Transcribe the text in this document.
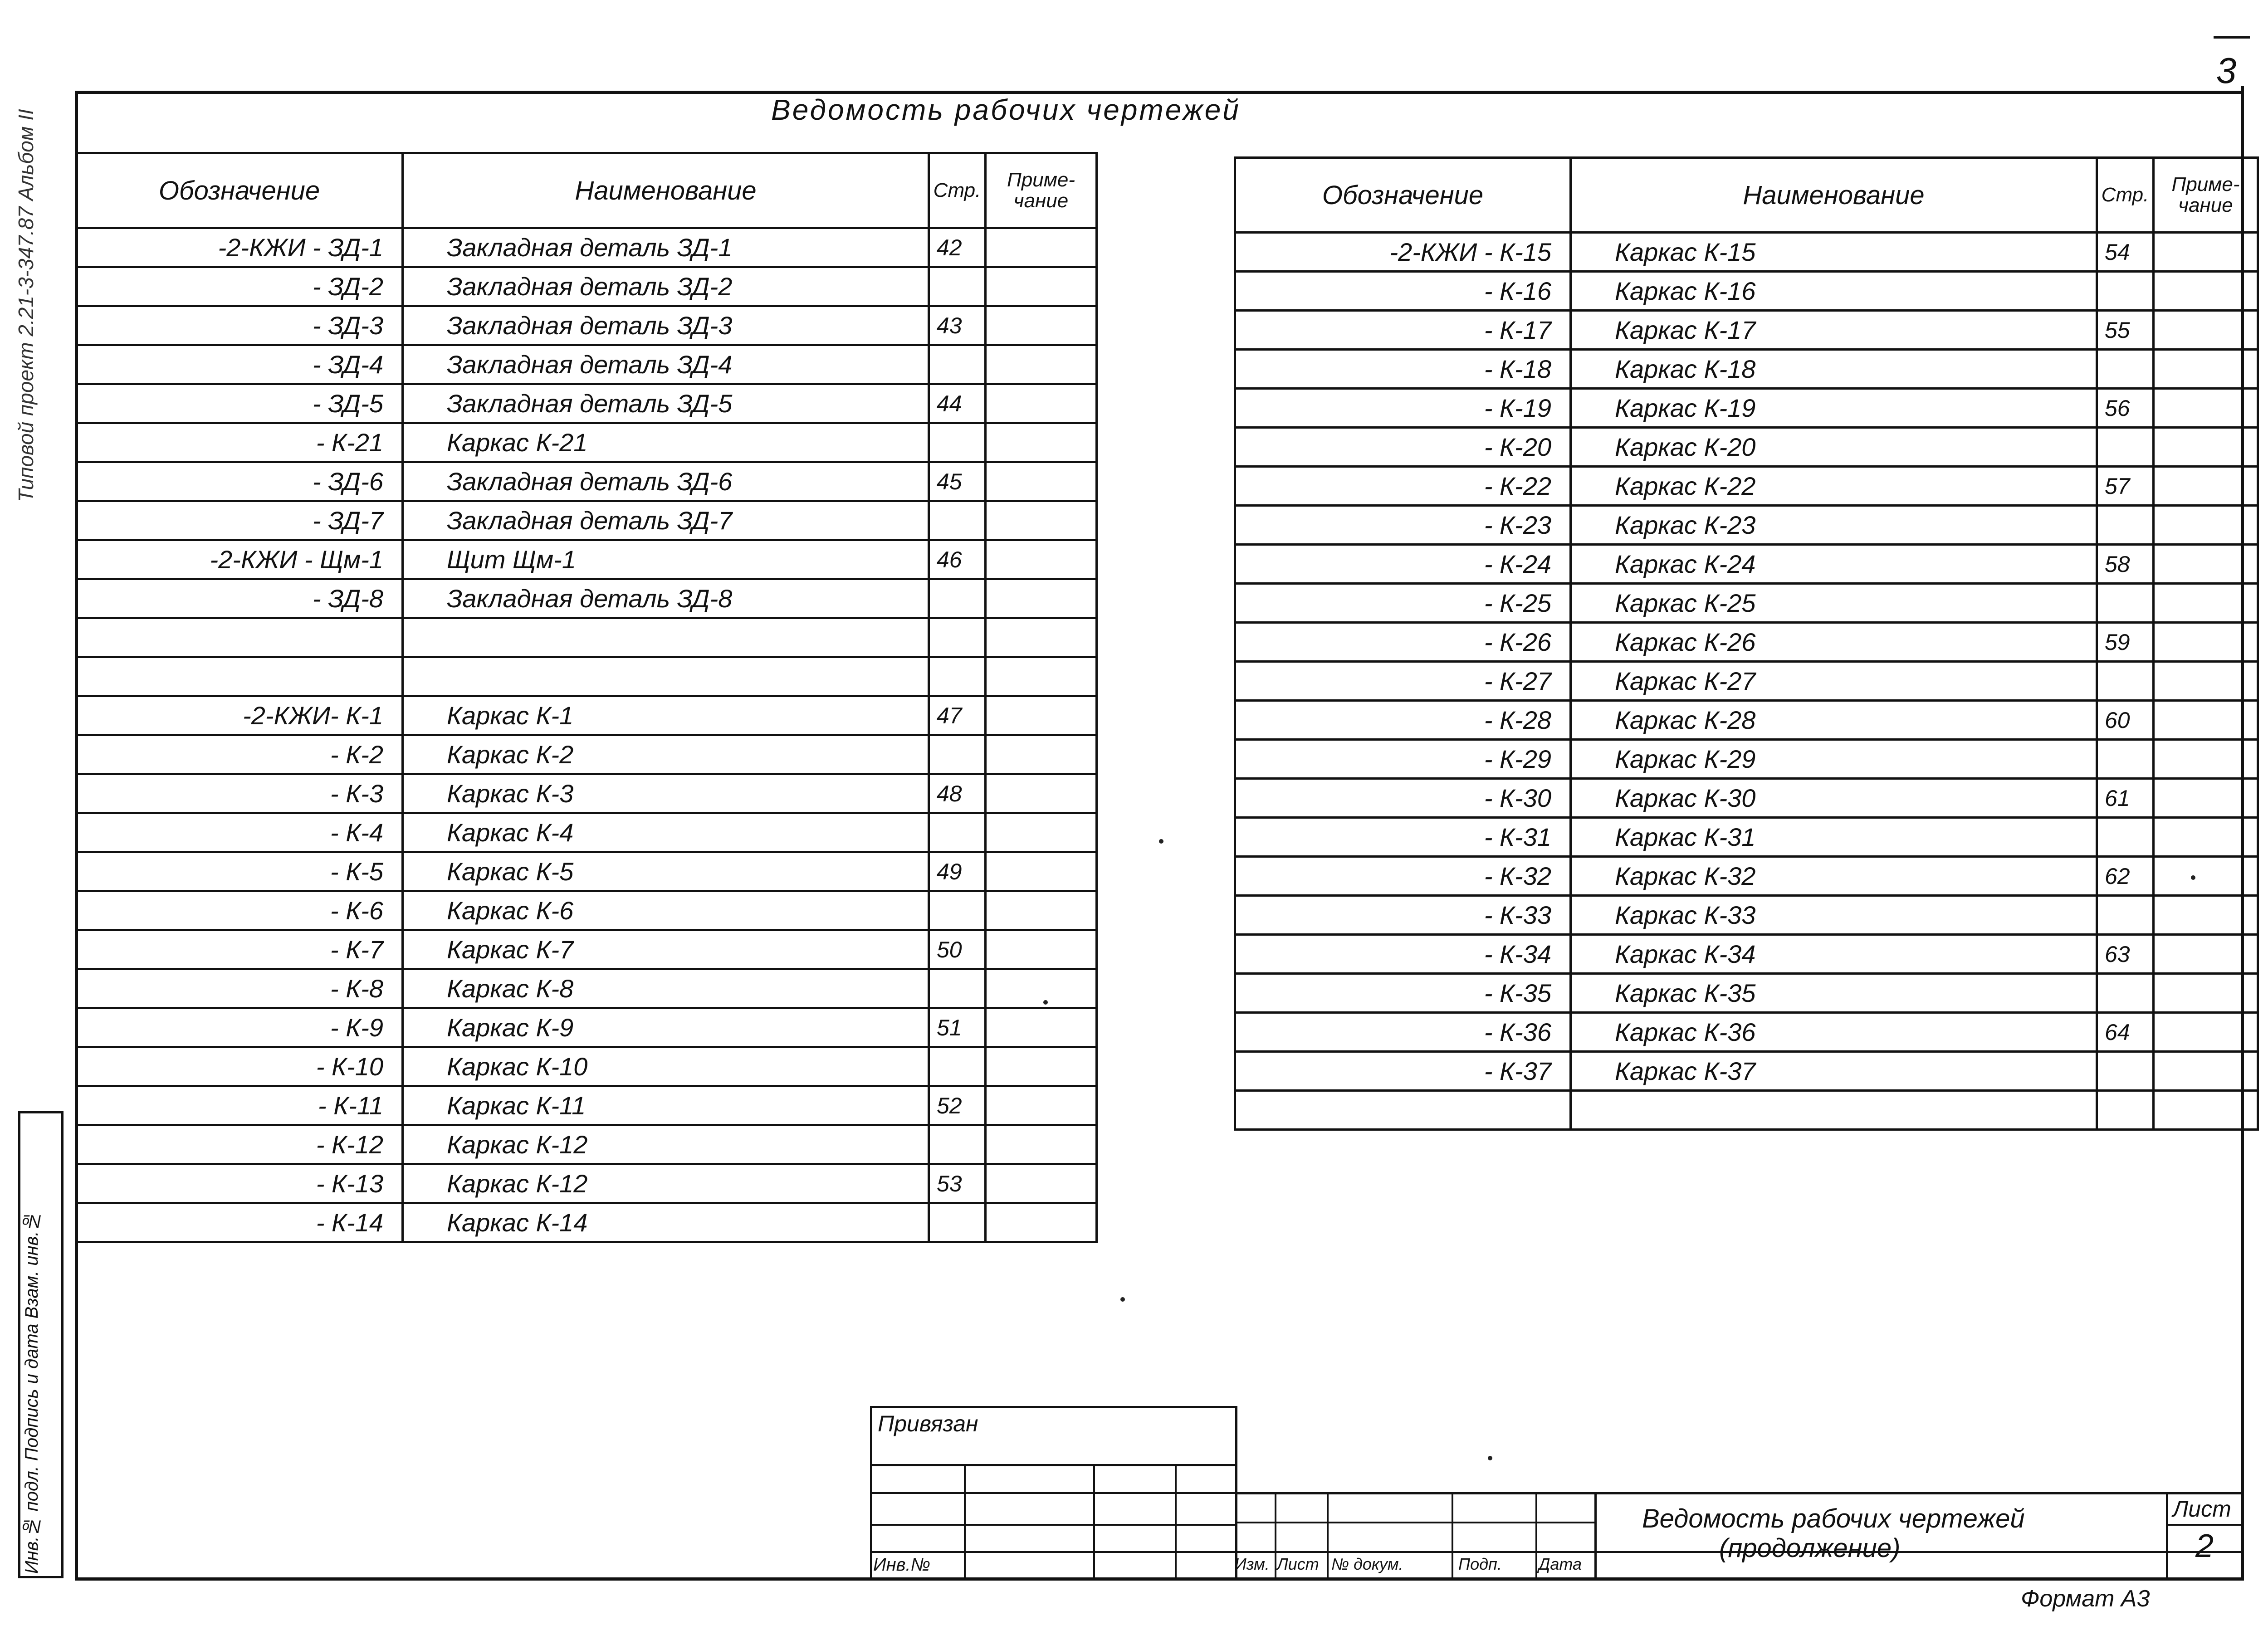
3
Ведомость рабочих чертежей
Типовой проект 2.21-3-347.87 Альбом II
Инв.№ подл. Подпись и дата Взам. инв.№
Обозначение	Наименование	Стр.	Приме-чание
-2-КЖИ - ЗД-1	Закладная деталь ЗД-1	42	
- ЗД-2	Закладная деталь ЗД-2		
- ЗД-3	Закладная деталь ЗД-3	43	
- ЗД-4	Закладная деталь ЗД-4		
- ЗД-5	Закладная деталь ЗД-5	44	
- К-21	Каркас К-21		
- ЗД-6	Закладная деталь ЗД-6	45	
- ЗД-7	Закладная деталь ЗД-7		
-2-КЖИ - Щм-1	Щит Щм-1	46	
- ЗД-8	Закладная деталь ЗД-8		

-2-КЖИ- К-1	Каркас К-1	47	
- К-2	Каркас К-2		
- К-3	Каркас К-3	48	
- К-4	Каркас К-4		
- К-5	Каркас К-5	49	
- К-6	Каркас К-6		
- К-7	Каркас К-7	50	
- К-8	Каркас К-8		
- К-9	Каркас К-9	51	
- К-10	Каркас К-10		
- К-11	Каркас К-11	52	
- К-12	Каркас К-12		
- К-13	Каркас К-12	53	
- К-14	Каркас К-14		
Обозначение	Наименование	Стр.	Приме-чание
-2-КЖИ - К-15	Каркас К-15	54	
- К-16	Каркас К-16		
- К-17	Каркас К-17	55	
- К-18	Каркас К-18		
- К-19	Каркас К-19	56	
- К-20	Каркас К-20		
- К-22	Каркас К-22	57	
- К-23	Каркас К-23		
- К-24	Каркас К-24	58	
- К-25	Каркас К-25		
- К-26	Каркас К-26	59	
- К-27	Каркас К-27		
- К-28	Каркас К-28	60	
- К-29	Каркас К-29		
- К-30	Каркас К-30	61	
- К-31	Каркас К-31		
- К-32	Каркас К-32	62	
- К-33	Каркас К-33		
- К-34	Каркас К-34	63	
- К-35	Каркас К-35		
- К-36	Каркас К-36	64	
- К-37	Каркас К-37		

Привязан
Инв.№	Изм. Лист № докум.	Подп. Дата
Ведомость рабочих чертежей
(продолжение)
Лист
2
Формат А3
